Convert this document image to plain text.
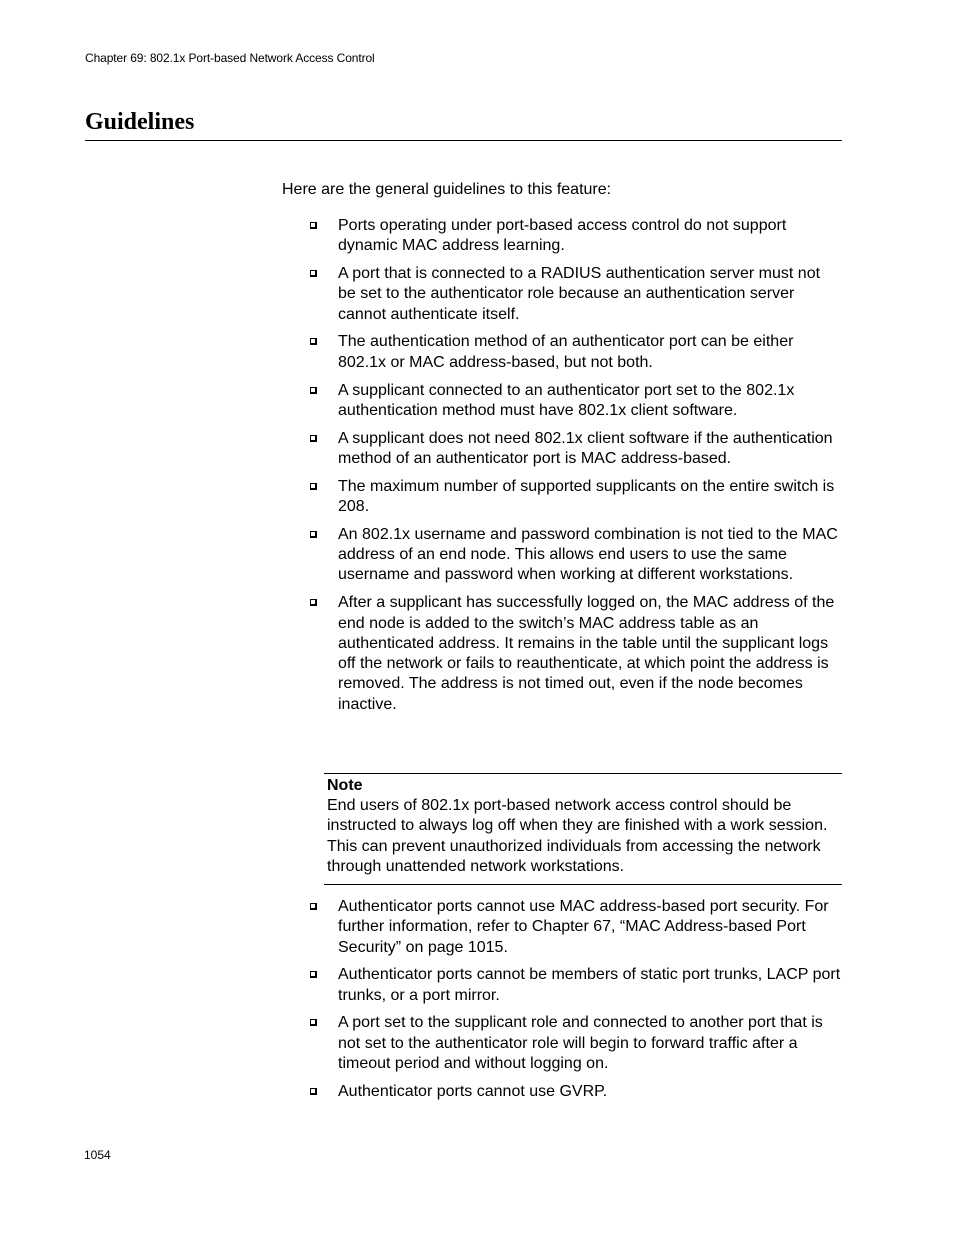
Chapter 69: 802.1x Port-based Network Access Control
Guidelines

Here are the general guidelines to this feature:

Ports operating under port-based access control do not support dynamic MAC address learning.
A port that is connected to a RADIUS authentication server must not be set to the authenticator role because an authentication server cannot authenticate itself.
The authentication method of an authenticator port can be either 802.1x or MAC address-based, but not both.
A supplicant connected to an authenticator port set to the 802.1x authentication method must have 802.1x client software.
A supplicant does not need 802.1x client software if the authentication method of an authenticator port is MAC address-based.
The maximum number of supported supplicants on the entire switch is 208.
An 802.1x username and password combination is not tied to the MAC address of an end node. This allows end users to use the same username and password when working at different workstations.
After a supplicant has successfully logged on, the MAC address of the end node is added to the switch’s MAC address table as an authenticated address. It remains in the table until the supplicant logs off the network or fails to reauthenticate, at which point the address is removed. The address is not timed out, even if the node becomes inactive.
Note
End users of 802.1x port-based network access control should be instructed to always log off when they are finished with a work session. This can prevent unauthorized individuals from accessing the network through unattended network workstations.
Authenticator ports cannot use MAC address-based port security. For further information, refer to Chapter 67, “MAC Address-based Port Security” on page 1015.
Authenticator ports cannot be members of static port trunks, LACP port trunks, or a port mirror.
A port set to the supplicant role and connected to another port that is not set to the authenticator role will begin to forward traffic after a timeout period and without logging on.
Authenticator ports cannot use GVRP.
1054
